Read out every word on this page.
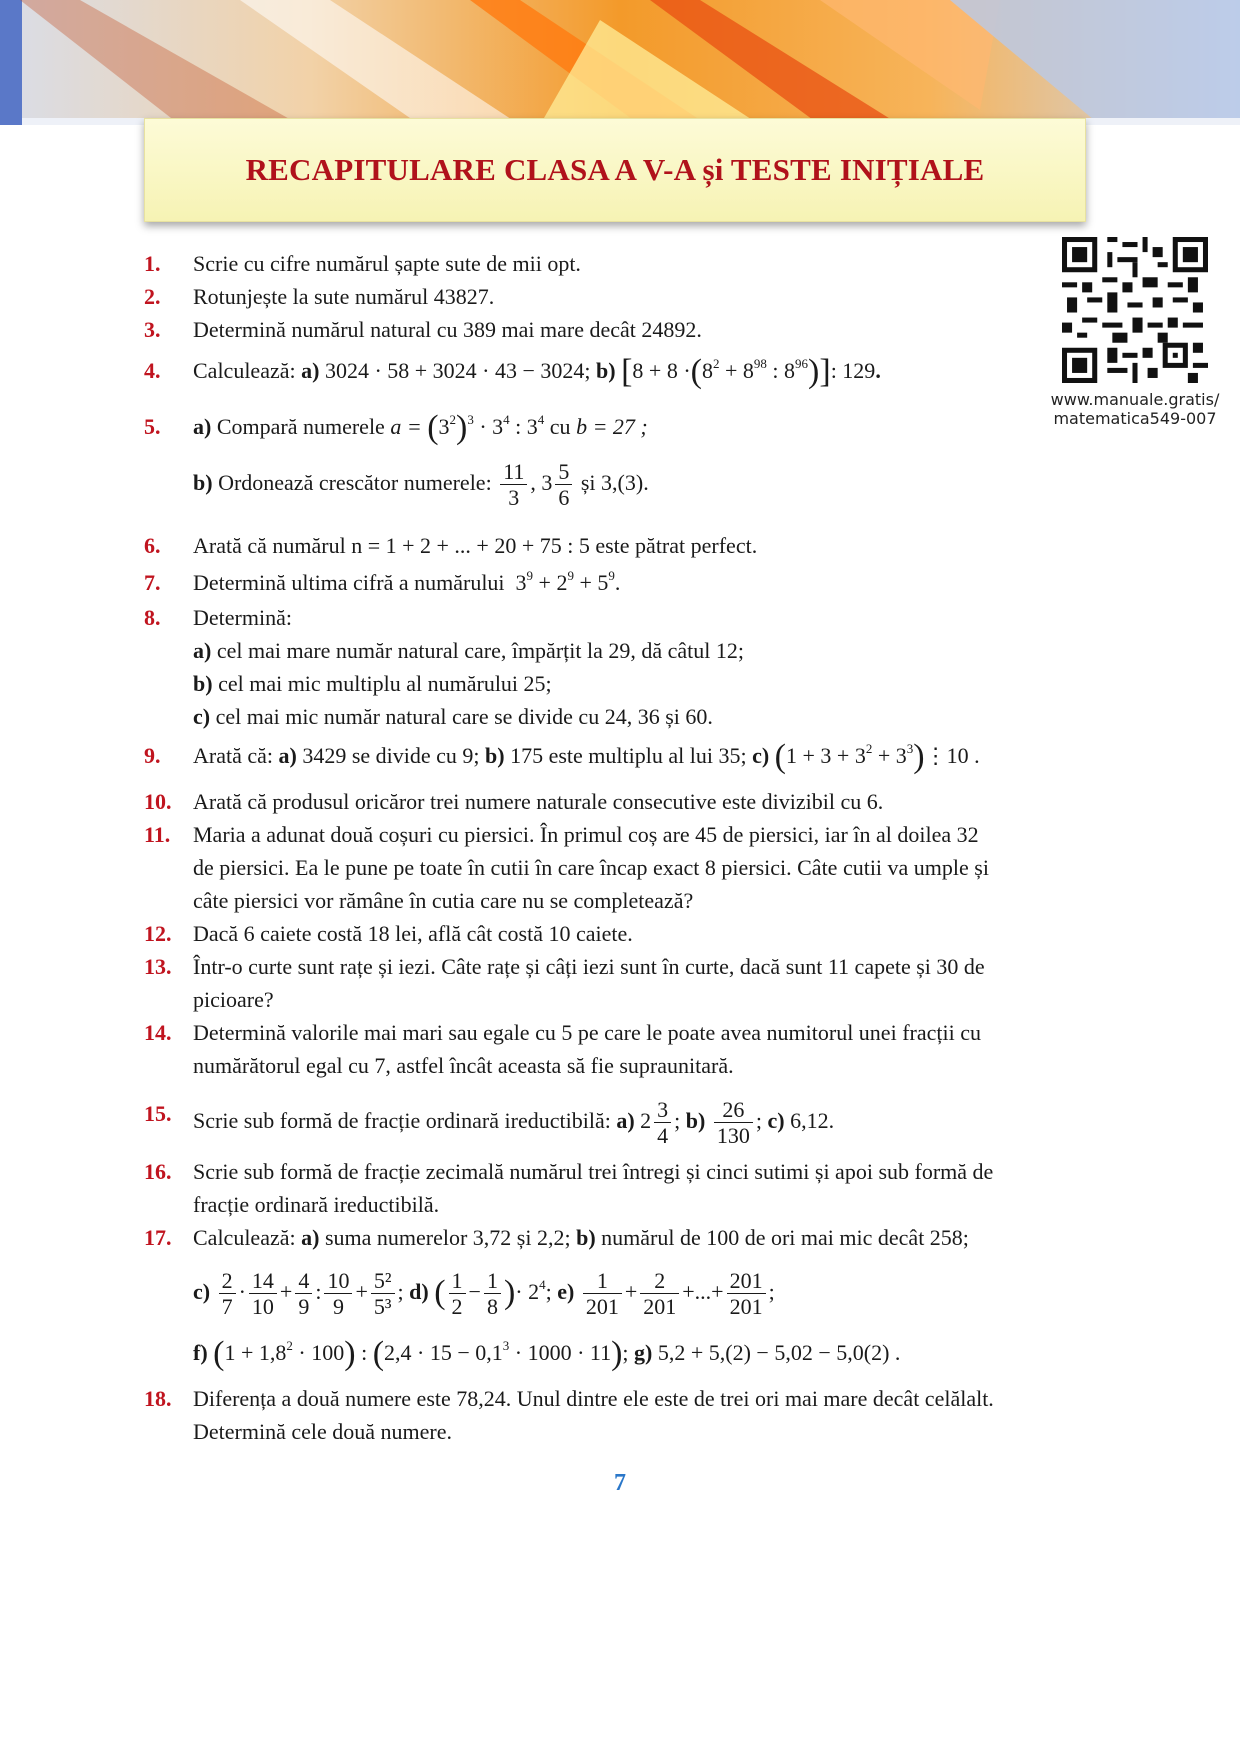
RECAPITULARE CLASA A V-A și TESTE INIȚIALE
www.manuale.gratis/
matematica549-007
1.	Scrie cu cifre numărul șapte sute de mii opt.
2.	Rotunjește la sute numărul 43827.
3.	Determină numărul natural cu 389 mai mare decât 24892.
4.	Calculează: a) 3024 · 58 + 3024 · 43 − 3024; b) [$8 + 8 \cdot(8^2 + 8^{98}$ : $8^{96}$)]: 129.
5.	a) Compară numerele $a = (3^2)^3 \cdot 3^4$ : $3^4$ cu b = 27 ;
b) Ordonează crescător numerele: $\frac{11}{3}$ , $3 \frac{5}{6}$ și 3,(3).
6.	Arată că numărul n = 1 + 2 + ... + 20 + 75 : 5 este pătrat perfect.
7.	Determină ultima cifră a numărului $3^9 + 2^9 + 5^9$.
8.	Determină:
a) cel mai mare număr natural care, împărțit la 29, dă câtul 12;
b) cel mai mic multiplu al numărului 25;
c) cel mai mic număr natural care se divide cu 24, 36 și 60.
9.	Arată că: a) 3429 se divide cu 9; b) 175 este multiplu al lui 35; c) ($1 + 3 + 3^2$ + $3^3)⋮10$ .
10. Arată că produsul oricăror trei numere naturale consecutive este divizibil cu 6.
11.	Maria a adunat două coșuri cu piersici. În primul coș are 45 de piersici, iar în al doilea 32
de piersici. Ea le pune pe toate în cutii în care încap exact 8 piersici. Câte cutii va umple și
câte piersici vor rămâne în cutia care nu se completează?
12. Dacă 6 caiete costă 18 lei, află cât costă 10 caiete.
13. Într-o curte sunt rațe și iezi. Câte rațe și câți iezi sunt în curte, dacă sunt 11 capete și 30 de
picioare?
14. Determină valorile mai mari sau egale cu 5 pe care le poate avea numitorul unei fracții cu
numărătorul egal cu 7, astfel încât aceasta să fie supraunitară.
15. Scrie sub formă de fracție ordinară ireductibilă: a) $2 \frac{3}{4}$ ; $b) \frac{26}{130}$ ; c) 6,12.
16. Scrie sub formă de fracție zecimală numărul trei întregi și cinci sutimi și apoi sub formă de
fracție ordinară ireductibilă.
17. Calculează: a) suma numerelor 3,72 și 2,2; b) numărul de 100 de ori mai mic decât 258;
$c) \frac{2}{7} \cdot \frac{14}{10} + \frac{4}{9}$ : $\frac{10}{9} + \frac{\text{5²}}{\text{5³}}$ ; d) ( $\frac{1}{2} - \frac{1}{8}$ )· $2^4$; $e) \frac{1}{201} + \frac{2}{201}$ +...+ $\frac{201}{201}$ ;
f) $(1 + 1,8^2 \cdot 100)$ : $(2,4 \cdot 15 - 0,1^3 \cdot 1000 \cdot 11)$; g) 5,2 + 5,(2) − 5,02 − 5,0(2) .
18. Diferența a două numere este 78,24. Unul dintre ele este de trei ori mai mare decât celălalt.
Determină cele două numere.
7
